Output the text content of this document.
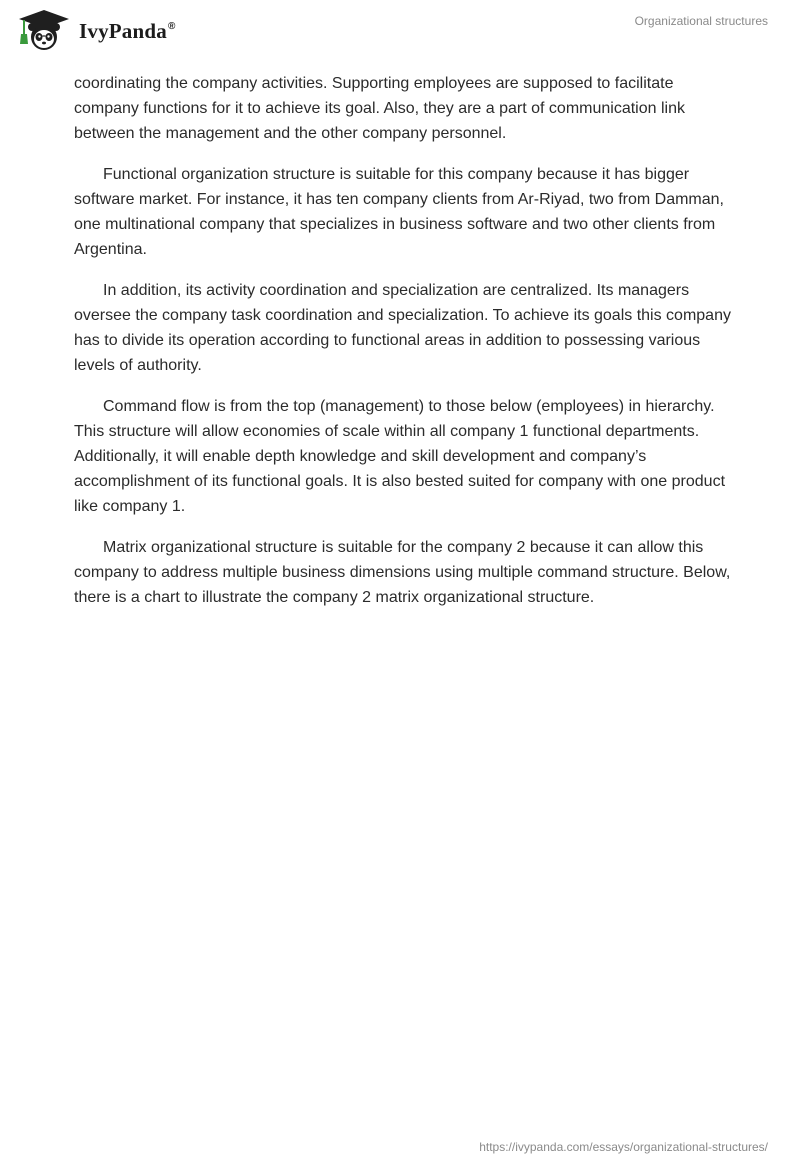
IvyPanda®	Organizational structures

coordinating the company activities. Supporting employees are supposed to facilitate company functions for it to achieve its goal. Also, they are a part of communication link between the management and the other company personnel.

Functional organization structure is suitable for this company because it has bigger software market. For instance, it has ten company clients from Ar-Riyad, two from Damman, one multinational company that specializes in business software and two other clients from Argentina.

In addition, its activity coordination and specialization are centralized. Its managers oversee the company task coordination and specialization. To achieve its goals this company has to divide its operation according to functional areas in addition to possessing various levels of authority.

Command flow is from the top (management) to those below (employees) in hierarchy. This structure will allow economies of scale within all company 1 functional departments. Additionally, it will enable depth knowledge and skill development and company’s accomplishment of its functional goals. It is also bested suited for company with one product like company 1.

Matrix organizational structure is suitable for the company 2 because it can allow this company to address multiple business dimensions using multiple command structure. Below, there is a chart to illustrate the company 2 matrix organizational structure.

https://ivypanda.com/essays/organizational-structures/
